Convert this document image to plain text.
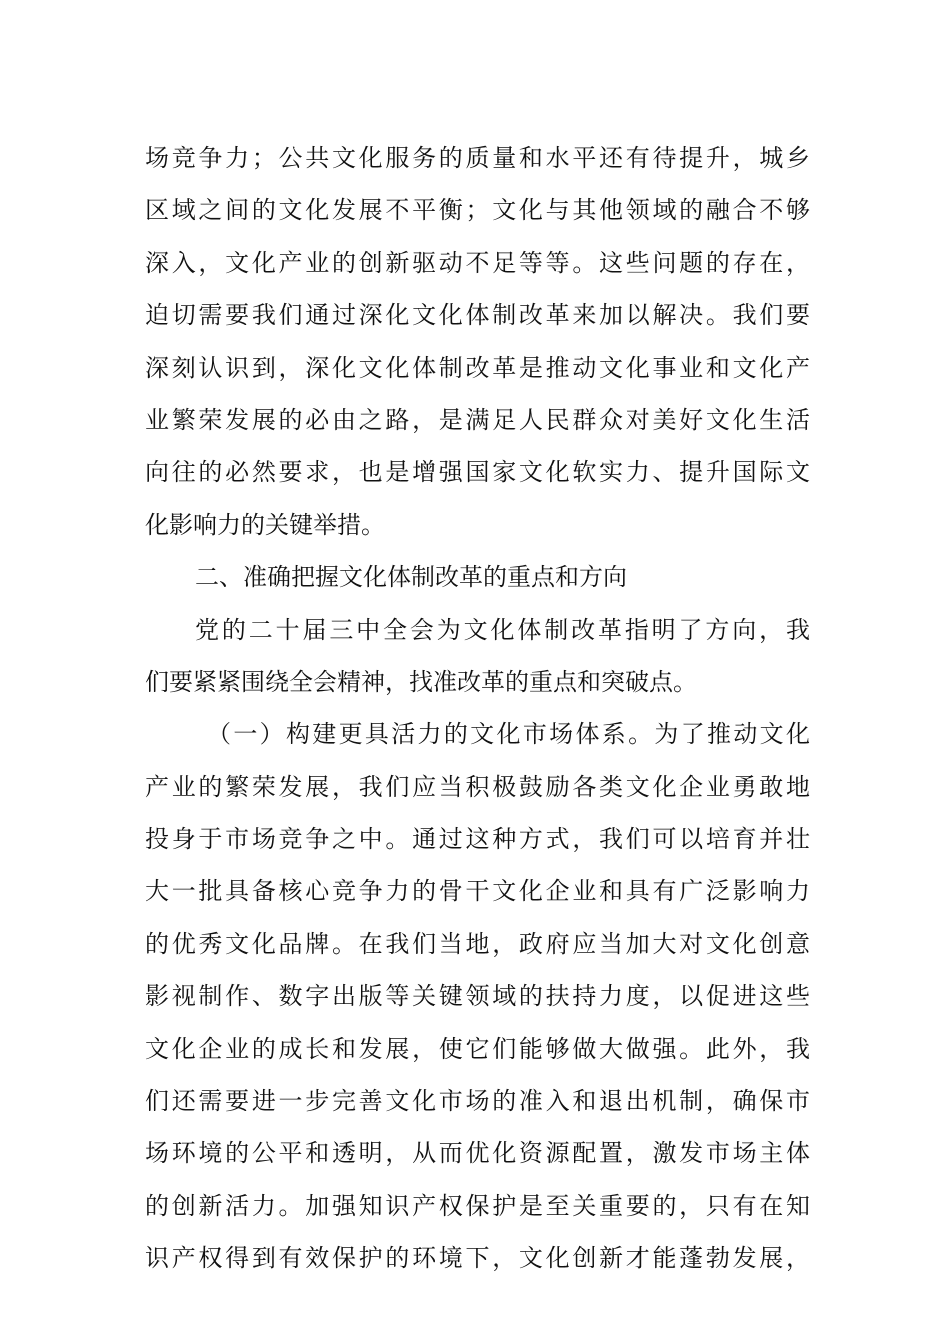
场竞争力；公共文化服务的质量和水平还有待提升，城乡
区域之间的文化发展不平衡；文化与其他领域的融合不够
深入，文化产业的创新驱动不足等等。这些问题的存在，
迫切需要我们通过深化文化体制改革来加以解决。我们要
深刻认识到，深化文化体制改革是推动文化事业和文化产
业繁荣发展的必由之路，是满足人民群众对美好文化生活
向往的必然要求，也是增强国家文化软实力、提升国际文
化影响力的关键举措。
二、准确把握文化体制改革的重点和方向
党的二十届三中全会为文化体制改革指明了方向，我
们要紧紧围绕全会精神，找准改革的重点和突破点。
（一）构建更具活力的文化市场体系。为了推动文化
产业的繁荣发展，我们应当积极鼓励各类文化企业勇敢地
投身于市场竞争之中。通过这种方式，我们可以培育并壮
大一批具备核心竞争力的骨干文化企业和具有广泛影响力
的优秀文化品牌。在我们当地，政府应当加大对文化创意
影视制作、数字出版等关键领域的扶持力度，以促进这些
文化企业的成长和发展，使它们能够做大做强。此外，我
们还需要进一步完善文化市场的准入和退出机制，确保市
场环境的公平和透明，从而优化资源配置，激发市场主体
的创新活力。加强知识产权保护是至关重要的，只有在知
识产权得到有效保护的环境下，文化创新才能蓬勃发展，
